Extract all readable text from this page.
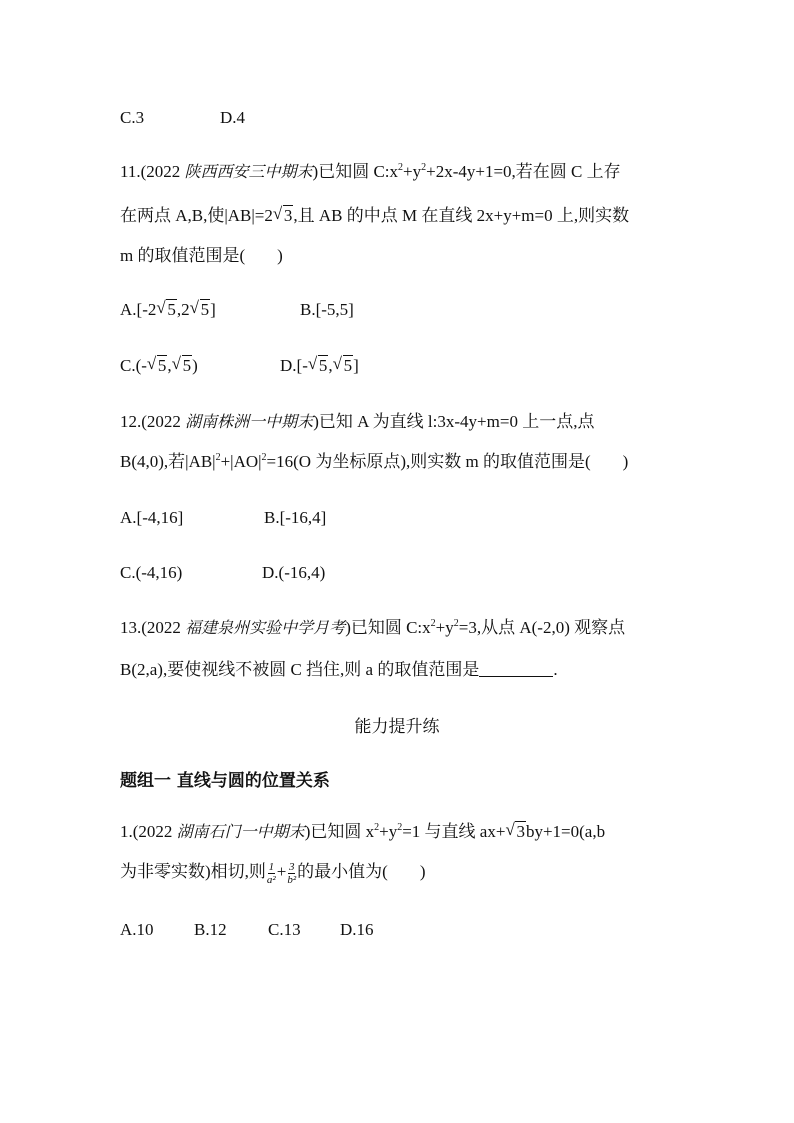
C.3	D.4
11.(2022 陕西西安三中期末)已知圆 $C:x^2+y^2+2x-4y+1=0$,若在圆 C 上存
在两点 A,B,使|AB|=2 √ 3,且 AB 的中点 M 在直线 2x+y+m=0 上,则实数
m 的取值范围是( )
A.[-2 √ 5,2 √ 5]	B.[-5,5]
C.(- √ 5, √ 5)	D.[- √ 5, √ 5]
12.(2022 湖南株洲一中期末)已知 A 为直线 l:3x-4y+m=0 上一点,点
B(4,0),若$|AB|^2+|AO|^2=16(O$ 为坐标原点),则实数 m 的取值范围是( )
A.[-4,16]	B.[-16,4]
C.(-4,16)	D.(-16,4)
13.(2022 福建泉州实验中学月考)已知圆 $C:x^2+y^2=3$,从点 A(-2,0) 观察点
B(2,a),要使视线不被圆 C 挡住,则 a 的取值范围是	.
能力提升练
题组一 直线与圆的位置关系
1.(2022 湖南石门一中期末)已知圆 $x^2+y^2=1$ 与直线 ax+ √ 3by+1=0(a,b
为非零实数)相切,则 $\frac{1}{\text{a²}} + \frac{3}{\text{b²}}$ 的最小值为( )
A.10 B.12 C.13 D.16
